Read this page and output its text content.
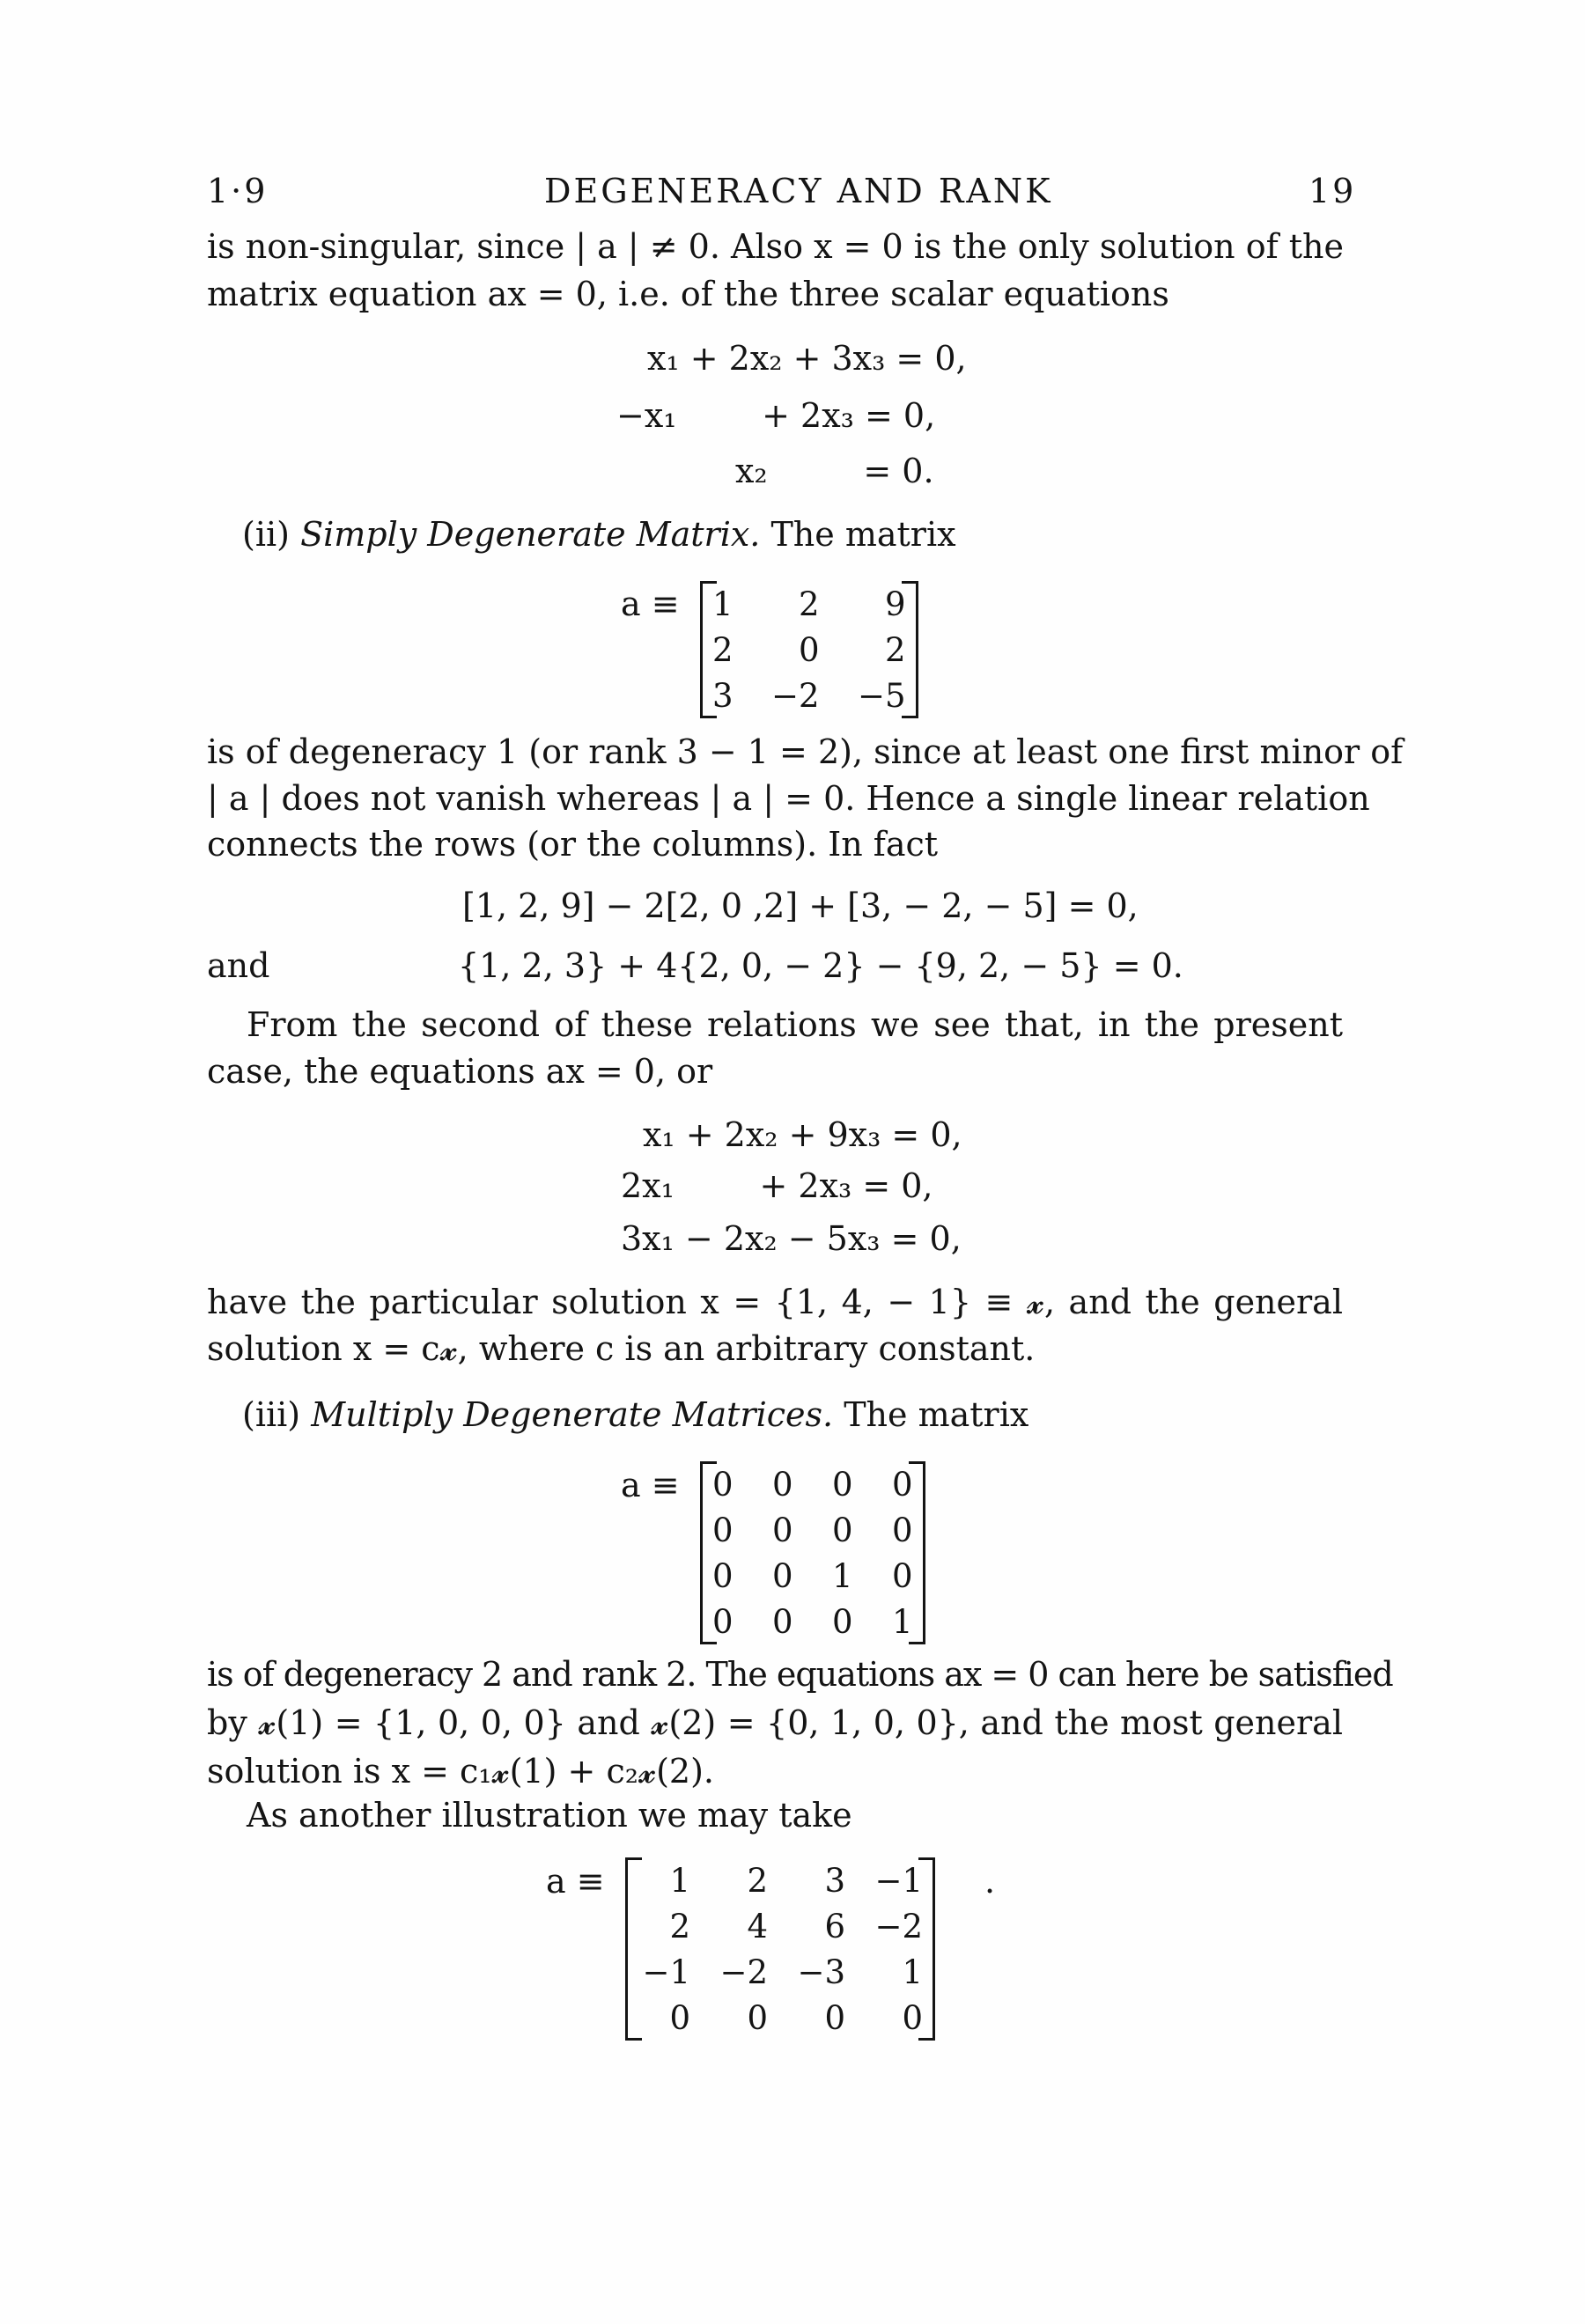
1·9	DEGENERACY AND RANK	19
is non-singular, since | a | ≠ 0. Also x = 0 is the only solution of the
matrix equation ax = 0, i.e. of the three scalar equations
x₁ + 2x₂ + 3x₃ = 0,
−x₁        + 2x₃ = 0,
x₂         = 0.
(ii) Simply Degenerate Matrix. The matrix
a ≡ 1	2	9
2	0	2
3	−2	−5
is of degeneracy 1 (or rank 3 − 1 = 2), since at least one first minor of
| a | does not vanish whereas | a | = 0. Hence a single linear relation
connects the rows (or the columns). In fact
[1, 2, 9] − 2[2, 0 ,2] + [3, − 2, − 5] = 0,
and	{1, 2, 3} + 4{2, 0, − 2} − {9, 2, − 5} = 0.
From the second of these relations we see that, in the present
case, the equations ax = 0, or
x₁ + 2x₂ + 9x₃ = 0,
2x₁        + 2x₃ = 0,
3x₁ − 2x₂ − 5x₃ = 0,
have the particular solution x = {1, 4, − 1} ≡ 𝔁, and the general
solution x = c𝔁, where c is an arbitrary constant.
(iii) Multiply Degenerate Matrices. The matrix
a ≡ 0	0	0	0
0	0	0	0
0	0	1	0
0	0	0	1
is of degeneracy 2 and rank 2. The equations ax = 0 can here be satisfied
by 𝔁(1) = {1, 0, 0, 0} and 𝔁(2) = {0, 1, 0, 0}, and the most general
solution is x = c₁𝔁(1) + c₂𝔁(2).
As another illustration we may take
a ≡ 1	2	3	−1
2	4	6	−2
−1	−2	−3	1
0	0	0	0
.
